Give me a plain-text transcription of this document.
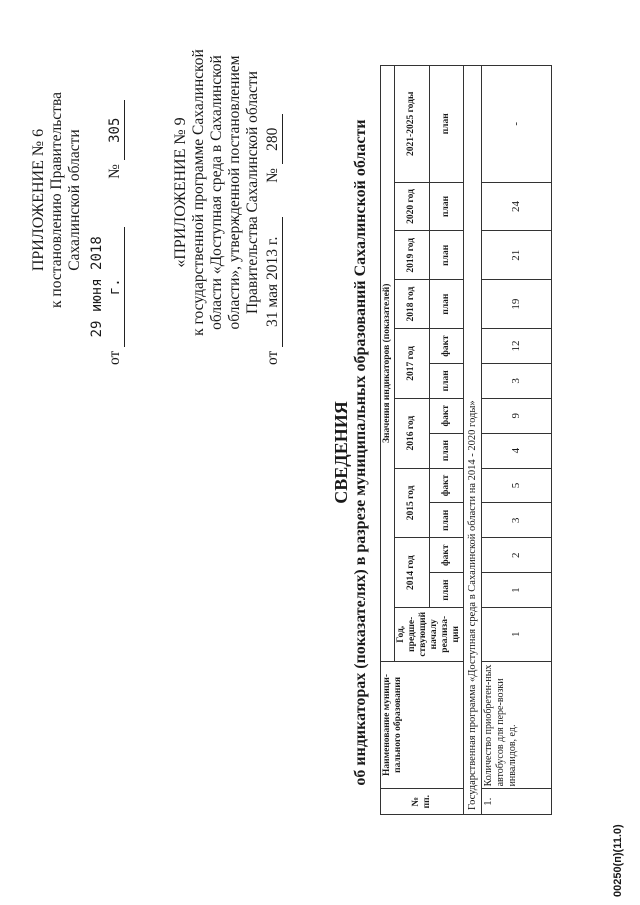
ПРИЛОЖЕНИЕ № 6 к постановлению Правительства Сахалинской области
от 29 июня 2018 г. № 305	«ПРИЛОЖЕНИЕ № 9 к государственной программе Сахалинской области «Доступная среда в Сахалинской области», утвержденной постановлением Правительства Сахалинской области
от 31 мая 2013 г. № 280
СВЕДЕНИЯ об индикаторах (показателях) в разрезе муниципальных образований Сахалинской области
№ пп.	Наименование муници-пального образования	Значения индикаторов (показателей)												
		Год, предше-ствующий началу реализа-ции	2014 год		2015 год		2016 год		2017 год		2018 год	2019 год	2020 год	2021-2025 годы
			план	факт	план	факт	план	факт	план	факт	план	план	план	план
Государственная программа «Доступная среда в Сахалинской области на 2014 - 2020 годы»														
1.	Количество приобретен-ных автобусов для пере-возки инвалидов, ед.	1	1	2	3	5	4	9	3	12	19	21	24	-
00250(п)(11.0)
